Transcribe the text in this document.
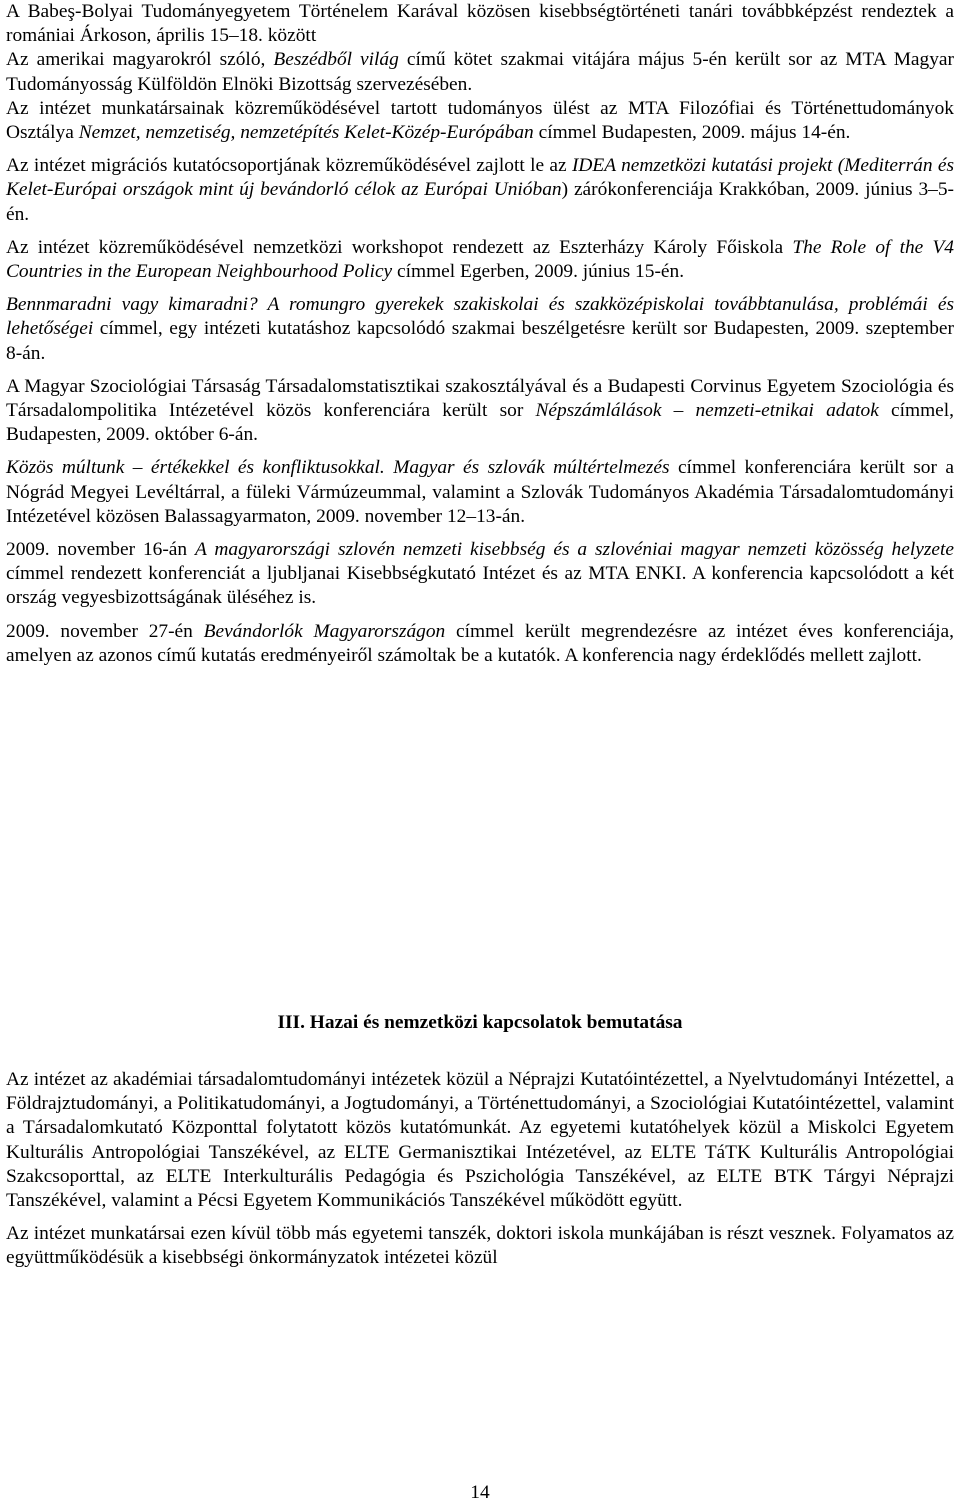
A Babeş-Bolyai Tudományegyetem Történelem Karával közösen kisebbségtörténeti tanári továbbképzést rendeztek a romániai Árkoson, április 15–18. között

Az amerikai magyarokról szóló, Beszédből világ című kötet szakmai vitájára május 5-én került sor az MTA Magyar Tudományosság Külföldön Elnöki Bizottság szervezésében.

Az intézet munkatársainak közreműködésével tartott tudományos ülést az MTA Filozófiai és Történettudományok Osztálya Nemzet, nemzetiség, nemzetépítés Kelet-Közép-Európában címmel Budapesten, 2009. május 14-én.

Az intézet migrációs kutatócsoportjának közreműködésével zajlott le az IDEA nemzetközi kutatási projekt (Mediterrán és Kelet-Európai országok mint új bevándorló célok az Európai Unióban) zárókonferenciája Krakkóban, 2009. június 3–5-én.

Az intézet közreműködésével nemzetközi workshopot rendezett az Eszterházy Károly Főiskola The Role of the V4 Countries in the European Neighbourhood Policy címmel Egerben, 2009. június 15-én.

Bennmaradni vagy kimaradni? A romungro gyerekek szakiskolai és szakközépiskolai továbbtanulása, problémái és lehetőségei címmel, egy intézeti kutatáshoz kapcsolódó szakmai beszélgetésre került sor Budapesten, 2009. szeptember 8-án.

A Magyar Szociológiai Társaság Társadalomstatisztikai szakosztályával és a Budapesti Corvinus Egyetem Szociológia és Társadalompolitika Intézetével közös konferenciára került sor Népszámlálások – nemzeti-etnikai adatok címmel, Budapesten, 2009. október 6-án.

Közös múltunk – értékekkel és konfliktusokkal. Magyar és szlovák múltértelmezés címmel konferenciára került sor a Nógrád Megyei Levéltárral, a füleki Vármúzeummal, valamint a Szlovák Tudományos Akadémia Társadalomtudományi Intézetével közösen Balassagyarmaton, 2009. november 12–13-án.

2009. november 16-án A magyarországi szlovén nemzeti kisebbség és a szlovéniai magyar nemzeti közösség helyzete címmel rendezett konferenciát a ljubljanai Kisebbségkutató Intézet és az MTA ENKI. A konferencia kapcsolódott a két ország vegyesbizottságának üléséhez is.

2009. november 27-én Bevándorlók Magyarországon címmel került megrendezésre az intézet éves konferenciája, amelyen az azonos című kutatás eredményeiről számoltak be a kutatók. A konferencia nagy érdeklődés mellett zajlott.

III. Hazai és nemzetközi kapcsolatok bemutatása

Az intézet az akadémiai társadalomtudományi intézetek közül a Néprajzi Kutatóintézettel, a Nyelvtudományi Intézettel, a Földrajztudományi, a Politikatudományi, a Jogtudományi, a Történettudományi, a Szociológiai Kutatóintézettel, valamint a Társadalomkutató Központtal folytatott közös kutatómunkát. Az egyetemi kutatóhelyek közül a Miskolci Egyetem Kulturális Antropológiai Tanszékével, az ELTE Germanisztikai Intézetével, az ELTE TáTK Kulturális Antropológiai Szakcsoporttal, az ELTE Interkulturális Pedagógia és Pszichológia Tanszékével, az ELTE BTK Tárgyi Néprajzi Tanszékével, valamint a Pécsi Egyetem Kommunikációs Tanszékével működött együtt.

Az intézet munkatársai ezen kívül több más egyetemi tanszék, doktori iskola munkájában is részt vesznek. Folyamatos az együttműködésük a kisebbségi önkormányzatok intézetei közül

14
